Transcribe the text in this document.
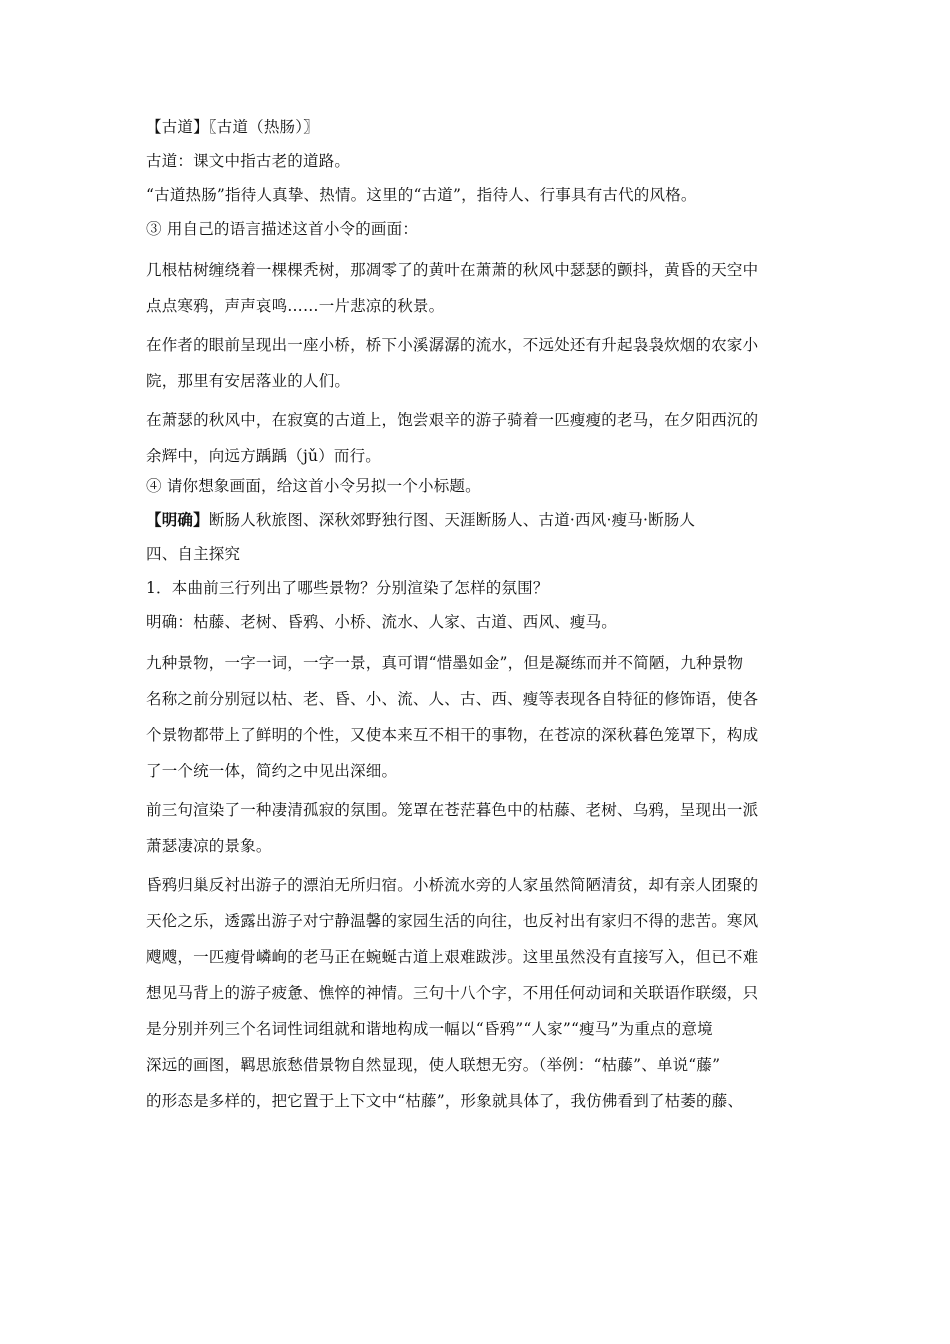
【古道】〖古道（热肠）〗
古道：课文中指古老的道路。
“古道热肠”指待人真挚、热情。这里的“古道”，指待人、行事具有古代的风格。
③ 用自己的语言描述这首小令的画面：
几根枯树缠绕着一棵棵秃树，那凋零了的黄叶在萧萧的秋风中瑟瑟的颤抖，黄昏的天空中
点点寒鸦，声声哀鸣……一片悲凉的秋景。
在作者的眼前呈现出一座小桥，桥下小溪潺潺的流水，不远处还有升起袅袅炊烟的农家小
院，那里有安居落业的人们。
在萧瑟的秋风中，在寂寞的古道上，饱尝艰辛的游子骑着一匹瘦瘦的老马，在夕阳西沉的
余辉中，向远方踽踽（jǔ）而行。
④ 请你想象画面，给这首小令另拟一个小标题。
【明确】断肠人秋旅图、深秋郊野独行图、天涯断肠人、古道·西风·瘦马·断肠人
四、自主探究
1．本曲前三行列出了哪些景物？分别渲染了怎样的氛围？
明确：枯藤、老树、昏鸦、小桥、流水、人家、古道、西风、瘦马。
九种景物，一字一词，一字一景，真可谓“惜墨如金”，但是凝练而并不简陋，九种景物
名称之前分别冠以枯、老、昏、小、流、人、古、西、瘦等表现各自特征的修饰语，使各
个景物都带上了鲜明的个性，又使本来互不相干的事物，在苍凉的深秋暮色笼罩下，构成
了一个统一体，简约之中见出深细。
前三句渲染了一种凄清孤寂的氛围。笼罩在苍茫暮色中的枯藤、老树、乌鸦，呈现出一派
萧瑟凄凉的景象。
昏鸦归巢反衬出游子的漂泊无所归宿。小桥流水旁的人家虽然简陋清贫，却有亲人团聚的
天伦之乐，透露出游子对宁静温馨的家园生活的向往，也反衬出有家归不得的悲苦。寒风
飕飕，一匹瘦骨嶙峋的老马正在蜿蜒古道上艰难跋涉。这里虽然没有直接写入，但已不难
想见马背上的游子疲惫、憔悴的神情。三句十八个字，不用任何动词和关联语作联缀，只
是分别并列三个名词性词组就和谐地构成一幅以“昏鸦”“人家”“瘦马”为重点的意境
深远的画图，羁思旅愁借景物自然显现，使人联想无穷。（举例：“枯藤”、单说“藤”
的形态是多样的，把它置于上下文中“枯藤”，形象就具体了，我仿佛看到了枯萎的藤、
